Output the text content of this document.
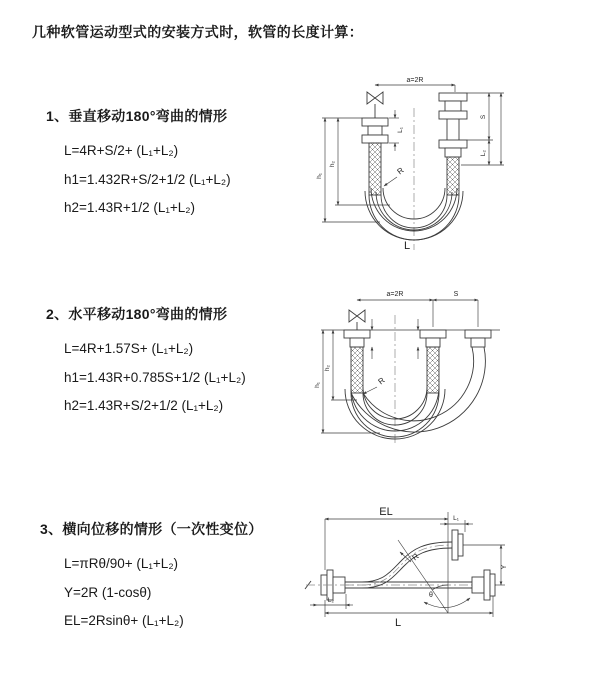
几种软管运动型式的安装方式时，软管的长度计算：
1、垂直移动180°弯曲的情形
L=4R+S/2+ (L₁+L₂)
h1=1.432R+S/2+1/2 (L₁+L₂)
h2=1.43R+1/2 (L₁+L₂)
2、水平移动180°弯曲的情形
L=4R+1.57S+ (L₁+L₂)
h1=1.43R+0.785S+1/2 (L₁+L₂)
h2=1.43R+S/2+1/2 (L₁+L₂)
3、横向位移的情形（一次性变位）
L=πRθ/90+ (L₁+L₂)
Y=2R (1-cosθ)
EL=2Rsinθ+ (L₁+L₂)
a=2R
h₁
h₂
L₁
S
L₂
R
L
a=2R	S
h₁
h₂
R
EL
L₁
θ
R
Y
L₂
L
